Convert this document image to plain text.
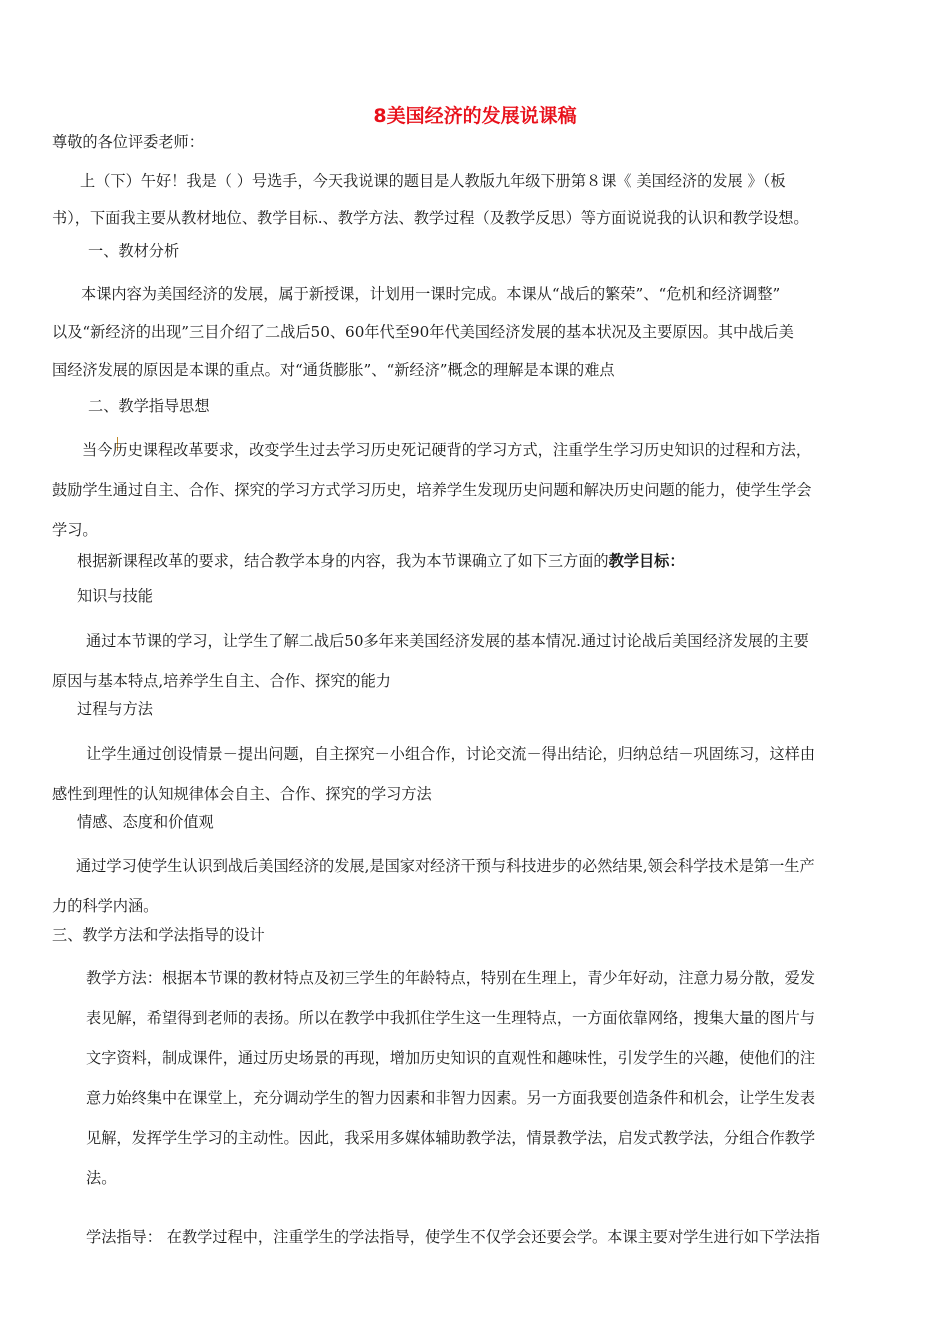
8美国经济的发展说课稿

尊敬的各位评委老师：

上（下）午好！我是（ ）号选手，今天我说课的题目是人教版九年级下册第８课《 美国经济的发展 》（板
书），下面我主要从教材地位、教学目标.、教学方法、教学过程（及教学反思）等方面说说我的认识和教学设想。

一、教材分析

本课内容为美国经济的发展，属于新授课，计划用一课时完成。本课从“战后的繁荣”、“危机和经济调整”
以及“新经济的出现”三目介绍了二战后50、60年代至90年代美国经济发展的基本状况及主要原因。其中战后美
国经济发展的原因是本课的重点。对“通货膨胀”、“新经济”概念的理解是本课的难点

二、教学指导思想

当今历史课程改革要求，改变学生过去学习历史死记硬背的学习方式，注重学生学习历史知识的过程和方法，
鼓励学生通过自主、合作、探究的学习方式学习历史，培养学生发现历史问题和解决历史问题的能力，使学生学会
学习。

根据新课程改革的要求，结合教学本身的内容，我为本节课确立了如下三方面的教学目标：

知识与技能

通过本节课的学习，让学生了解二战后50多年来美国经济发展的基本情况.通过讨论战后美国经济发展的主要
原因与基本特点,培养学生自主、合作、探究的能力

过程与方法

让学生通过创设情景－提出问题，自主探究－小组合作，讨论交流－得出结论，归纳总结－巩固练习，这样由
感性到理性的认知规律体会自主、合作、探究的学习方法

情感、态度和价值观

通过学习使学生认识到战后美国经济的发展,是国家对经济干预与科技进步的必然结果,领会科学技术是第一生产
力的科学内涵。

三、教学方法和学法指导的设计

教学方法：根据本节课的教材特点及初三学生的年龄特点，特别在生理上，青少年好动，注意力易分散，爱发
表见解，希望得到老师的表扬。所以在教学中我抓住学生这一生理特点，一方面依靠网络，搜集大量的图片与
文字资料，制成课件，通过历史场景的再现，增加历史知识的直观性和趣味性，引发学生的兴趣，使他们的注
意力始终集中在课堂上，充分调动学生的智力因素和非智力因素。另一方面我要创造条件和机会，让学生发表
见解，发挥学生学习的主动性。因此，我采用多媒体辅助教学法，情景教学法，启发式教学法，分组合作教学
法。

学法指导： 在教学过程中，注重学生的学法指导，使学生不仅学会还要会学。本课主要对学生进行如下学法指
